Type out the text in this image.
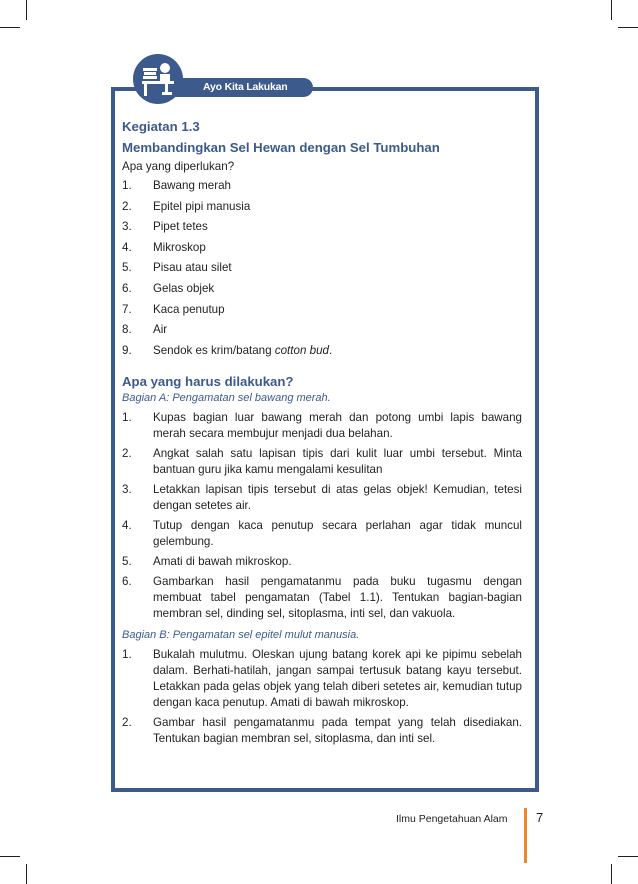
Ayo Kita Lakukan

Kegiatan 1.3

Membandingkan Sel Hewan dengan Sel Tumbuhan

Apa yang diperlukan?

1. Bawang merah
2. Epitel pipi manusia
3. Pipet tetes
4. Mikroskop
5. Pisau atau silet
6. Gelas objek
7. Kaca penutup
8. Air
9. Sendok es krim/batang cotton bud.

Apa yang harus dilakukan?

Bagian A: Pengamatan sel bawang merah.

1. Kupas bagian luar bawang merah dan potong umbi lapis bawang merah secara membujur menjadi dua belahan.
2. Angkat salah satu lapisan tipis dari kulit luar umbi tersebut. Minta bantuan guru jika kamu mengalami kesulitan
3. Letakkan lapisan tipis tersebut di atas gelas objek! Kemudian, tetesi dengan setetes air.
4. Tutup dengan kaca penutup secara perlahan agar tidak muncul gelembung.
5. Amati di bawah mikroskop.
6. Gambarkan hasil pengamatanmu pada buku tugasmu dengan membuat tabel pengamatan (Tabel 1.1). Tentukan bagian-bagian membran sel, dinding sel, sitoplasma, inti sel, dan vakuola.

Bagian B: Pengamatan sel epitel mulut manusia.

1. Bukalah mulutmu. Oleskan ujung batang korek api ke pipimu sebelah dalam. Berhati-hatilah, jangan sampai tertusuk batang kayu tersebut. Letakkan pada gelas objek yang telah diberi setetes air, kemudian tutup dengan kaca penutup. Amati di bawah mikroskop.
2. Gambar hasil pengamatanmu pada tempat yang telah disediakan. Tentukan bagian membran sel, sitoplasma, dan inti sel.
Ilmu Pengetahuan Alam 7
